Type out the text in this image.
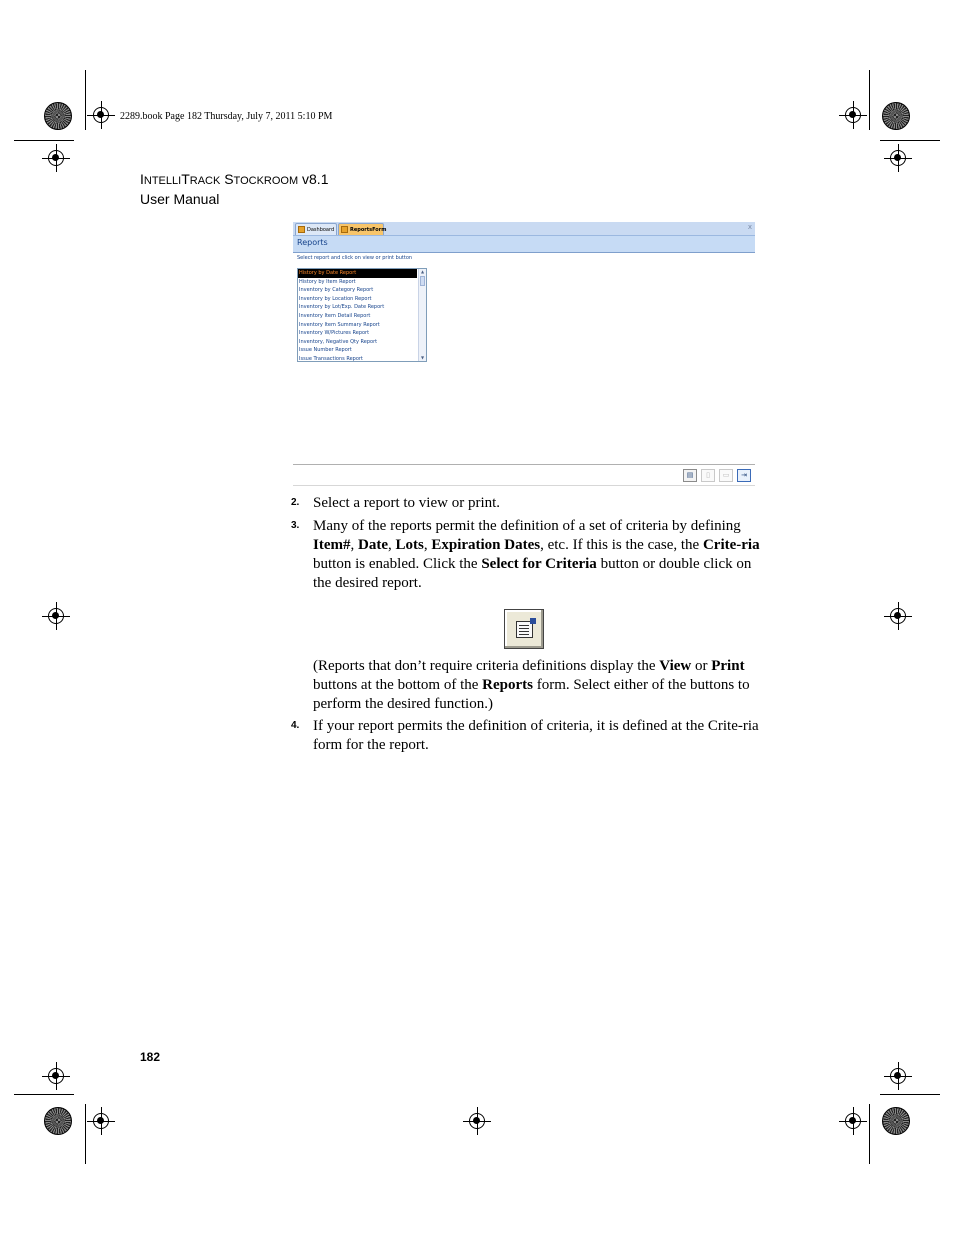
2289.book Page 182 Thursday, July 7, 2011 5:10 PM
INTELLITRACK STOCKROOM v8.1
User Manual
Dashboard	ReportsForm	x
Reports
Select report and click on view or print button
History by Date Report
History by Item Report
Inventory by Category Report
Inventory by Location Report
Inventory by Lot/Exp. Date Report
Inventory Item Detail Report
Inventory Item Summary Report
Inventory W/Pictures Report
Inventory, Negative Qty Report
Issue Number Report
Issue Transactions Report
▲
▼
▤	▯	▭	⇥
2. Select a report to view or print.
3. Many of the reports permit the definition of a set of criteria by defining Item#, Date, Lots, Expiration Dates, etc. If this is the case, the Crite-ria button is enabled. Click the Select for Criteria button or double click on the desired report.
(Reports that don’t require criteria definitions display the View or Print buttons at the bottom of the Reports form. Select either of the buttons to perform the desired function.)
4. If your report permits the definition of criteria, it is defined at the Crite-ria form for the report.
182
